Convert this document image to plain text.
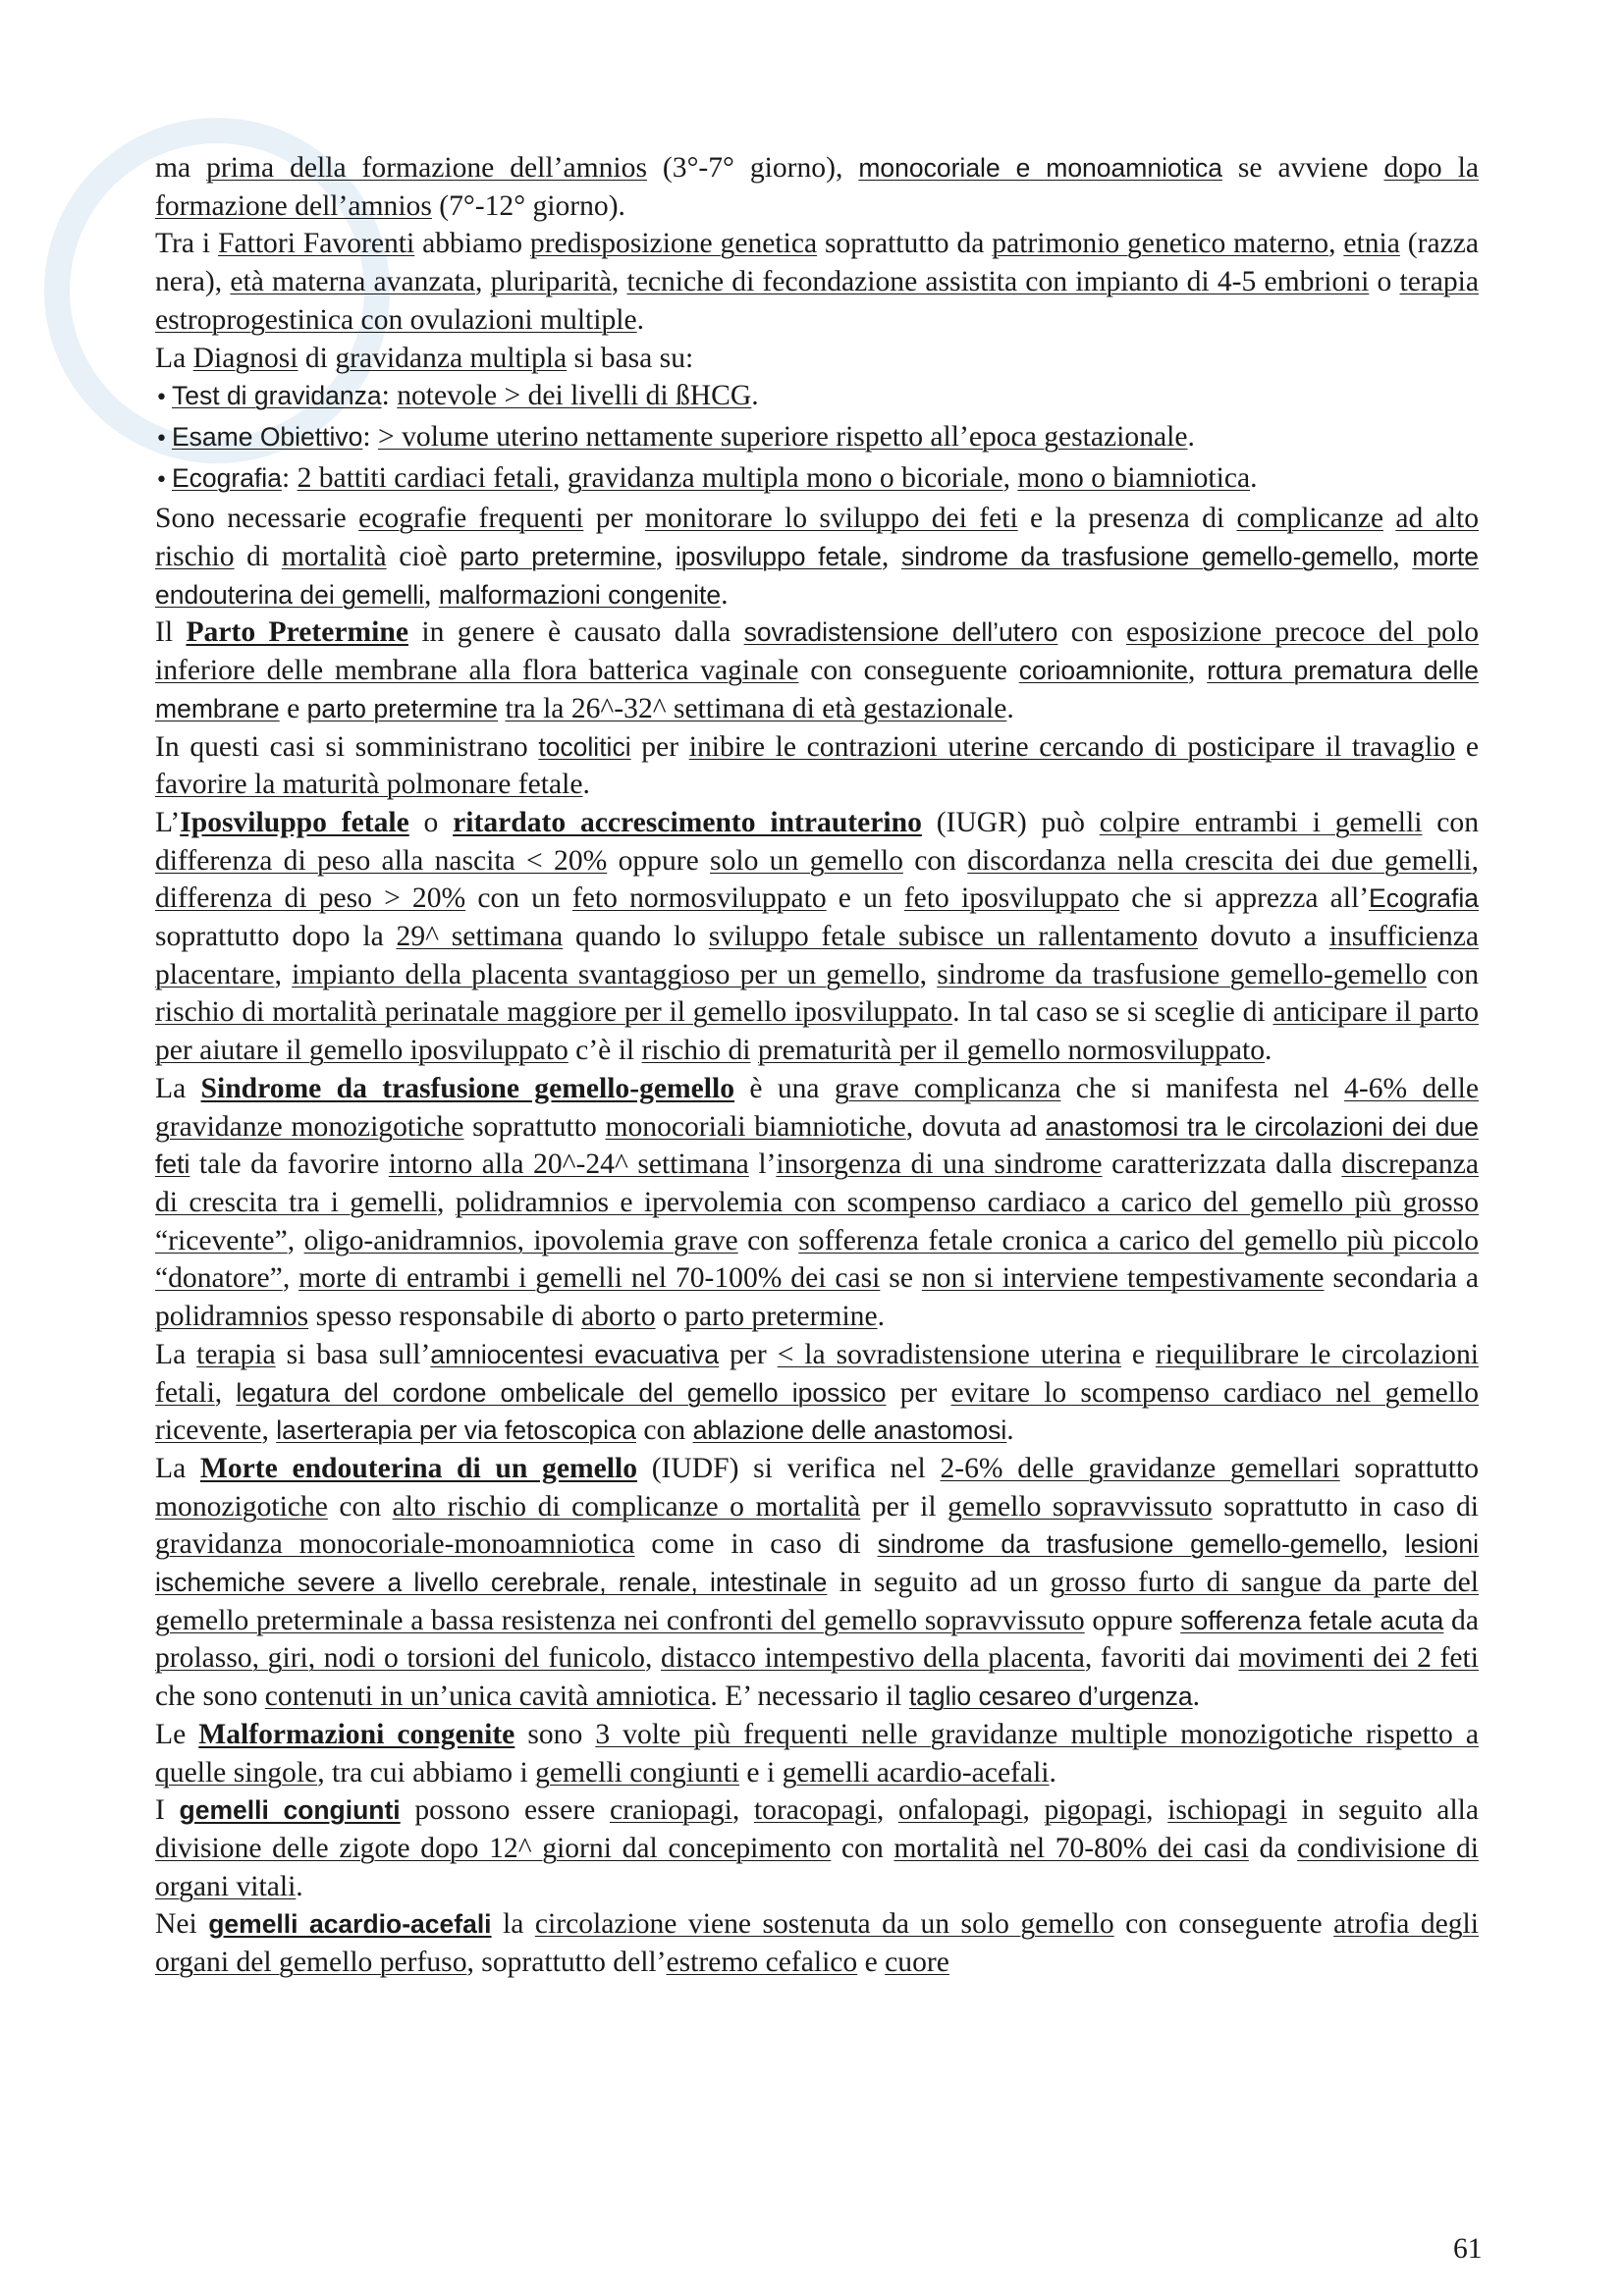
ma prima della formazione dell’amnios (3°-7° giorno), monocoriale e monoamniotica se avviene dopo la formazione dell’amnios (7°-12° giorno).

Tra i Fattori Favorenti abbiamo predisposizione genetica soprattutto da patrimonio genetico materno, etnia (razza nera), età materna avanzata, pluriparità, tecniche di fecondazione assistita con impianto di 4-5 embrioni o terapia estroprogestinica con ovulazioni multiple.

La Diagnosi di gravidanza multipla si basa su:

• Test di gravidanza: notevole > dei livelli di ßHCG.

• Esame Obiettivo: > volume uterino nettamente superiore rispetto all’epoca gestazionale.

• Ecografia: 2 battiti cardiaci fetali, gravidanza multipla mono o bicoriale, mono o biamniotica.

Sono necessarie ecografie frequenti per monitorare lo sviluppo dei feti e la presenza di complicanze ad alto rischio di mortalità cioè parto pretermine, iposviluppo fetale, sindrome da trasfusione gemello-gemello, morte endouterina dei gemelli, malformazioni congenite.

Il Parto Pretermine in genere è causato dalla sovradistensione dell’utero con esposizione precoce del polo inferiore delle membrane alla flora batterica vaginale con conseguente corioamnionite, rottura prematura delle membrane e parto pretermine tra la 26^-32^ settimana di età gestazionale.

In questi casi si somministrano tocolitici per inibire le contrazioni uterine cercando di posticipare il travaglio e favorire la maturità polmonare fetale.

L’Iposviluppo fetale o ritardato accrescimento intrauterino (IUGR) può colpire entrambi i gemelli con differenza di peso alla nascita < 20% oppure solo un gemello con discordanza nella crescita dei due gemelli, differenza di peso > 20% con un feto normosviluppato e un feto iposviluppato che si apprezza all’Ecografia soprattutto dopo la 29^ settimana quando lo sviluppo fetale subisce un rallentamento dovuto a insufficienza placentare, impianto della placenta svantaggioso per un gemello, sindrome da trasfusione gemello-gemello con rischio di mortalità perinatale maggiore per il gemello iposviluppato. In tal caso se si sceglie di anticipare il parto per aiutare il gemello iposviluppato c’è il rischio di prematurità per il gemello normosviluppato.

La Sindrome da trasfusione gemello-gemello è una grave complicanza che si manifesta nel 4-6% delle gravidanze monozigotiche soprattutto monocoriali biamniotiche, dovuta ad anastomosi tra le circolazioni dei due feti tale da favorire intorno alla 20^-24^ settimana l’insorgenza di una sindrome caratterizzata dalla discrepanza di crescita tra i gemelli, polidramnios e ipervolemia con scompenso cardiaco a carico del gemello più grosso “ricevente”, oligo-anidramnios, ipovolemia grave con sofferenza fetale cronica a carico del gemello più piccolo “donatore”, morte di entrambi i gemelli nel 70-100% dei casi se non si interviene tempestivamente secondaria a polidramnios spesso responsabile di aborto o parto pretermine.

La terapia si basa sull’amniocentesi evacuativa per < la sovradistensione uterina e riequilibrare le circolazioni fetali, legatura del cordone ombelicale del gemello ipossico per evitare lo scompenso cardiaco nel gemello ricevente, laserterapia per via fetoscopica con ablazione delle anastomosi.

La Morte endouterina di un gemello (IUDF) si verifica nel 2-6% delle gravidanze gemellari soprattutto monozigotiche con alto rischio di complicanze o mortalità per il gemello sopravvissuto soprattutto in caso di gravidanza monocoriale-monoamniotica come in caso di sindrome da trasfusione gemello-gemello, lesioni ischemiche severe a livello cerebrale, renale, intestinale in seguito ad un grosso furto di sangue da parte del gemello preterminale a bassa resistenza nei confronti del gemello sopravvissuto oppure sofferenza fetale acuta da prolasso, giri, nodi o torsioni del funicolo, distacco intempestivo della placenta, favoriti dai movimenti dei 2 feti che sono contenuti in un’unica cavità amniotica. E’ necessario il taglio cesareo d’urgenza.

Le Malformazioni congenite sono 3 volte più frequenti nelle gravidanze multiple monozigotiche rispetto a quelle singole, tra cui abbiamo i gemelli congiunti e i gemelli acardio-acefali.

I gemelli congiunti possono essere craniopagi, toracopagi, onfalopagi, pigopagi, ischiopagi in seguito alla divisione delle zigote dopo 12^ giorni dal concepimento con mortalità nel 70-80% dei casi da condivisione di organi vitali.

Nei gemelli acardio-acefali la circolazione viene sostenuta da un solo gemello con conseguente atrofia degli organi del gemello perfuso, soprattutto dell’estremo cefalico e cuore

61
